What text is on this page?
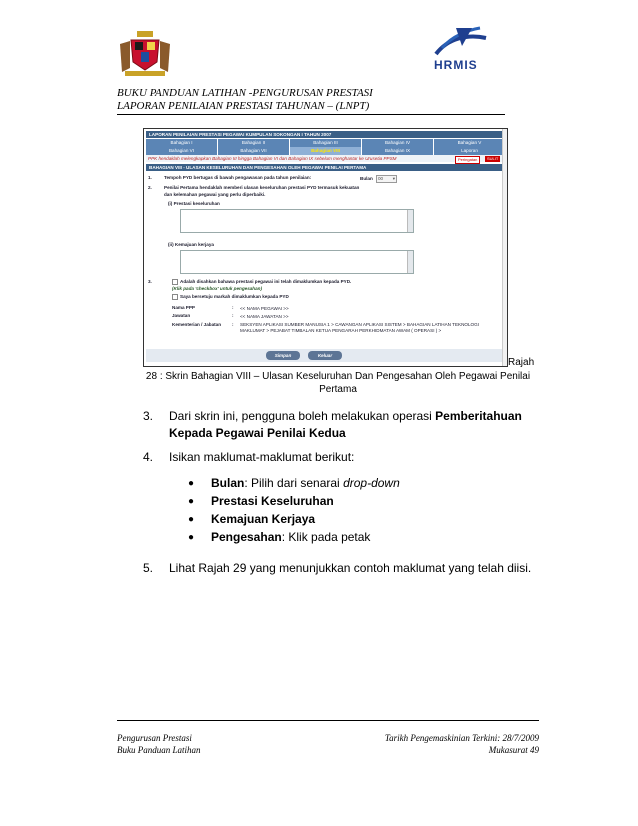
HRMIS
BUKU PANDUAN LATIHAN -PENGURUSAN PRESTASI
LAPORAN PENILAIAN PRESTASI TAHUNAN – (LNPT)
LAPORAN PENILAIAN PRESTASI PEGAWAI KUMPULAN SOKONGAN I TAHUN 2007
Bahagian I	Bahagian II	Bahagian III	Bahagian IV	Bahagian V
Bahagian VI	Bahagian VII	Bahagian VIII	Bahagian IX	Laporan
PPK hendaklah melengkapkan Bahagian III hingga Bahagian VI dan Bahagian IX sebelum menghantar ke Urusetia PPSM	Peringatan	SULIT
BAHAGIAN VIII - ULASAN KESELURUHAN DAN PENGESAHAN OLEH PEGAWAI PENILAI PERTAMA
1.	Tempoh PYD bertugas di bawah pengawasan pada tahun penilaian:	Bulan	00 ▾
2.	Penilai Pertama hendaklah memberi ulasan keseluruhan prestasi PYD termasuk kekuatan
dan kelemahan pegawai yang perlu diperbaiki.
(i) Prestasi keseluruhan
(ii) Kemajuan kerjaya
3.	Adalah disahkan bahawa prestasi pegawai ini telah dimaklumkan kepada PYD.
(Klik pada 'checkbox' untuk pengesahan)
Saya bersetuju markah dimaklumkan kepada PYD
Nama PPP	: << NAMA PEGAWAI >>
Jawatan	: << NAMA JAWATAN >>
Kementerian / Jabatan : SEKSYEN APLIKASI SUMBER MANUSIA 1 > CAWANGAN APLIKASI SISTEM > BAHAGIAN LATIHAN TEKNOLOGI MAKLUMAT > PEJABAT TIMBALAN KETUA PENGARAH PERKHIDMATAN AWAM ( OPERASI ) >
Simpan	Keluar
Rajah
28 : Skrin Bahagian VIII – Ulasan Keseluruhan Dan Pengesahan Oleh Pegawai Penilai
Pertama
3. Dari skrin ini, pengguna boleh melakukan operasi Pemberitahuan
Kepada Pegawai Penilai Kedua
4. Isikan maklumat-maklumat berikut:
● Bulan: Pilih dari senarai drop-down
● Prestasi Keseluruhan
● Kemajuan Kerjaya
● Pengesahan: Klik pada petak
5. Lihat Rajah 29 yang menunjukkan contoh maklumat yang telah diisi.
Pengurusan Prestasi
Buku Panduan Latihan
Tarikh Pengemaskinian Terkini: 28/7/2009
Mukasurat 49
